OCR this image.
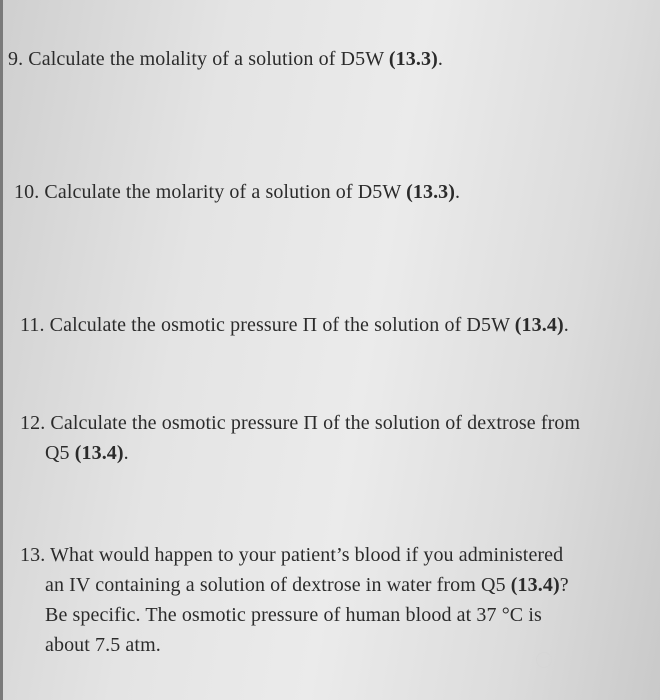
9. Calculate the molality of a solution of D5W (13.3).
10. Calculate the molarity of a solution of D5W (13.3).
11. Calculate the osmotic pressure Π of the solution of D5W (13.4).
12. Calculate the osmotic pressure Π of the solution of dextrose from
Q5 (13.4).
13. What would happen to your patient’s blood if you administered
an IV containing a solution of dextrose in water from Q5 (13.4)?
Be specific. The osmotic pressure of human blood at 37 °C is
about 7.5 atm.
